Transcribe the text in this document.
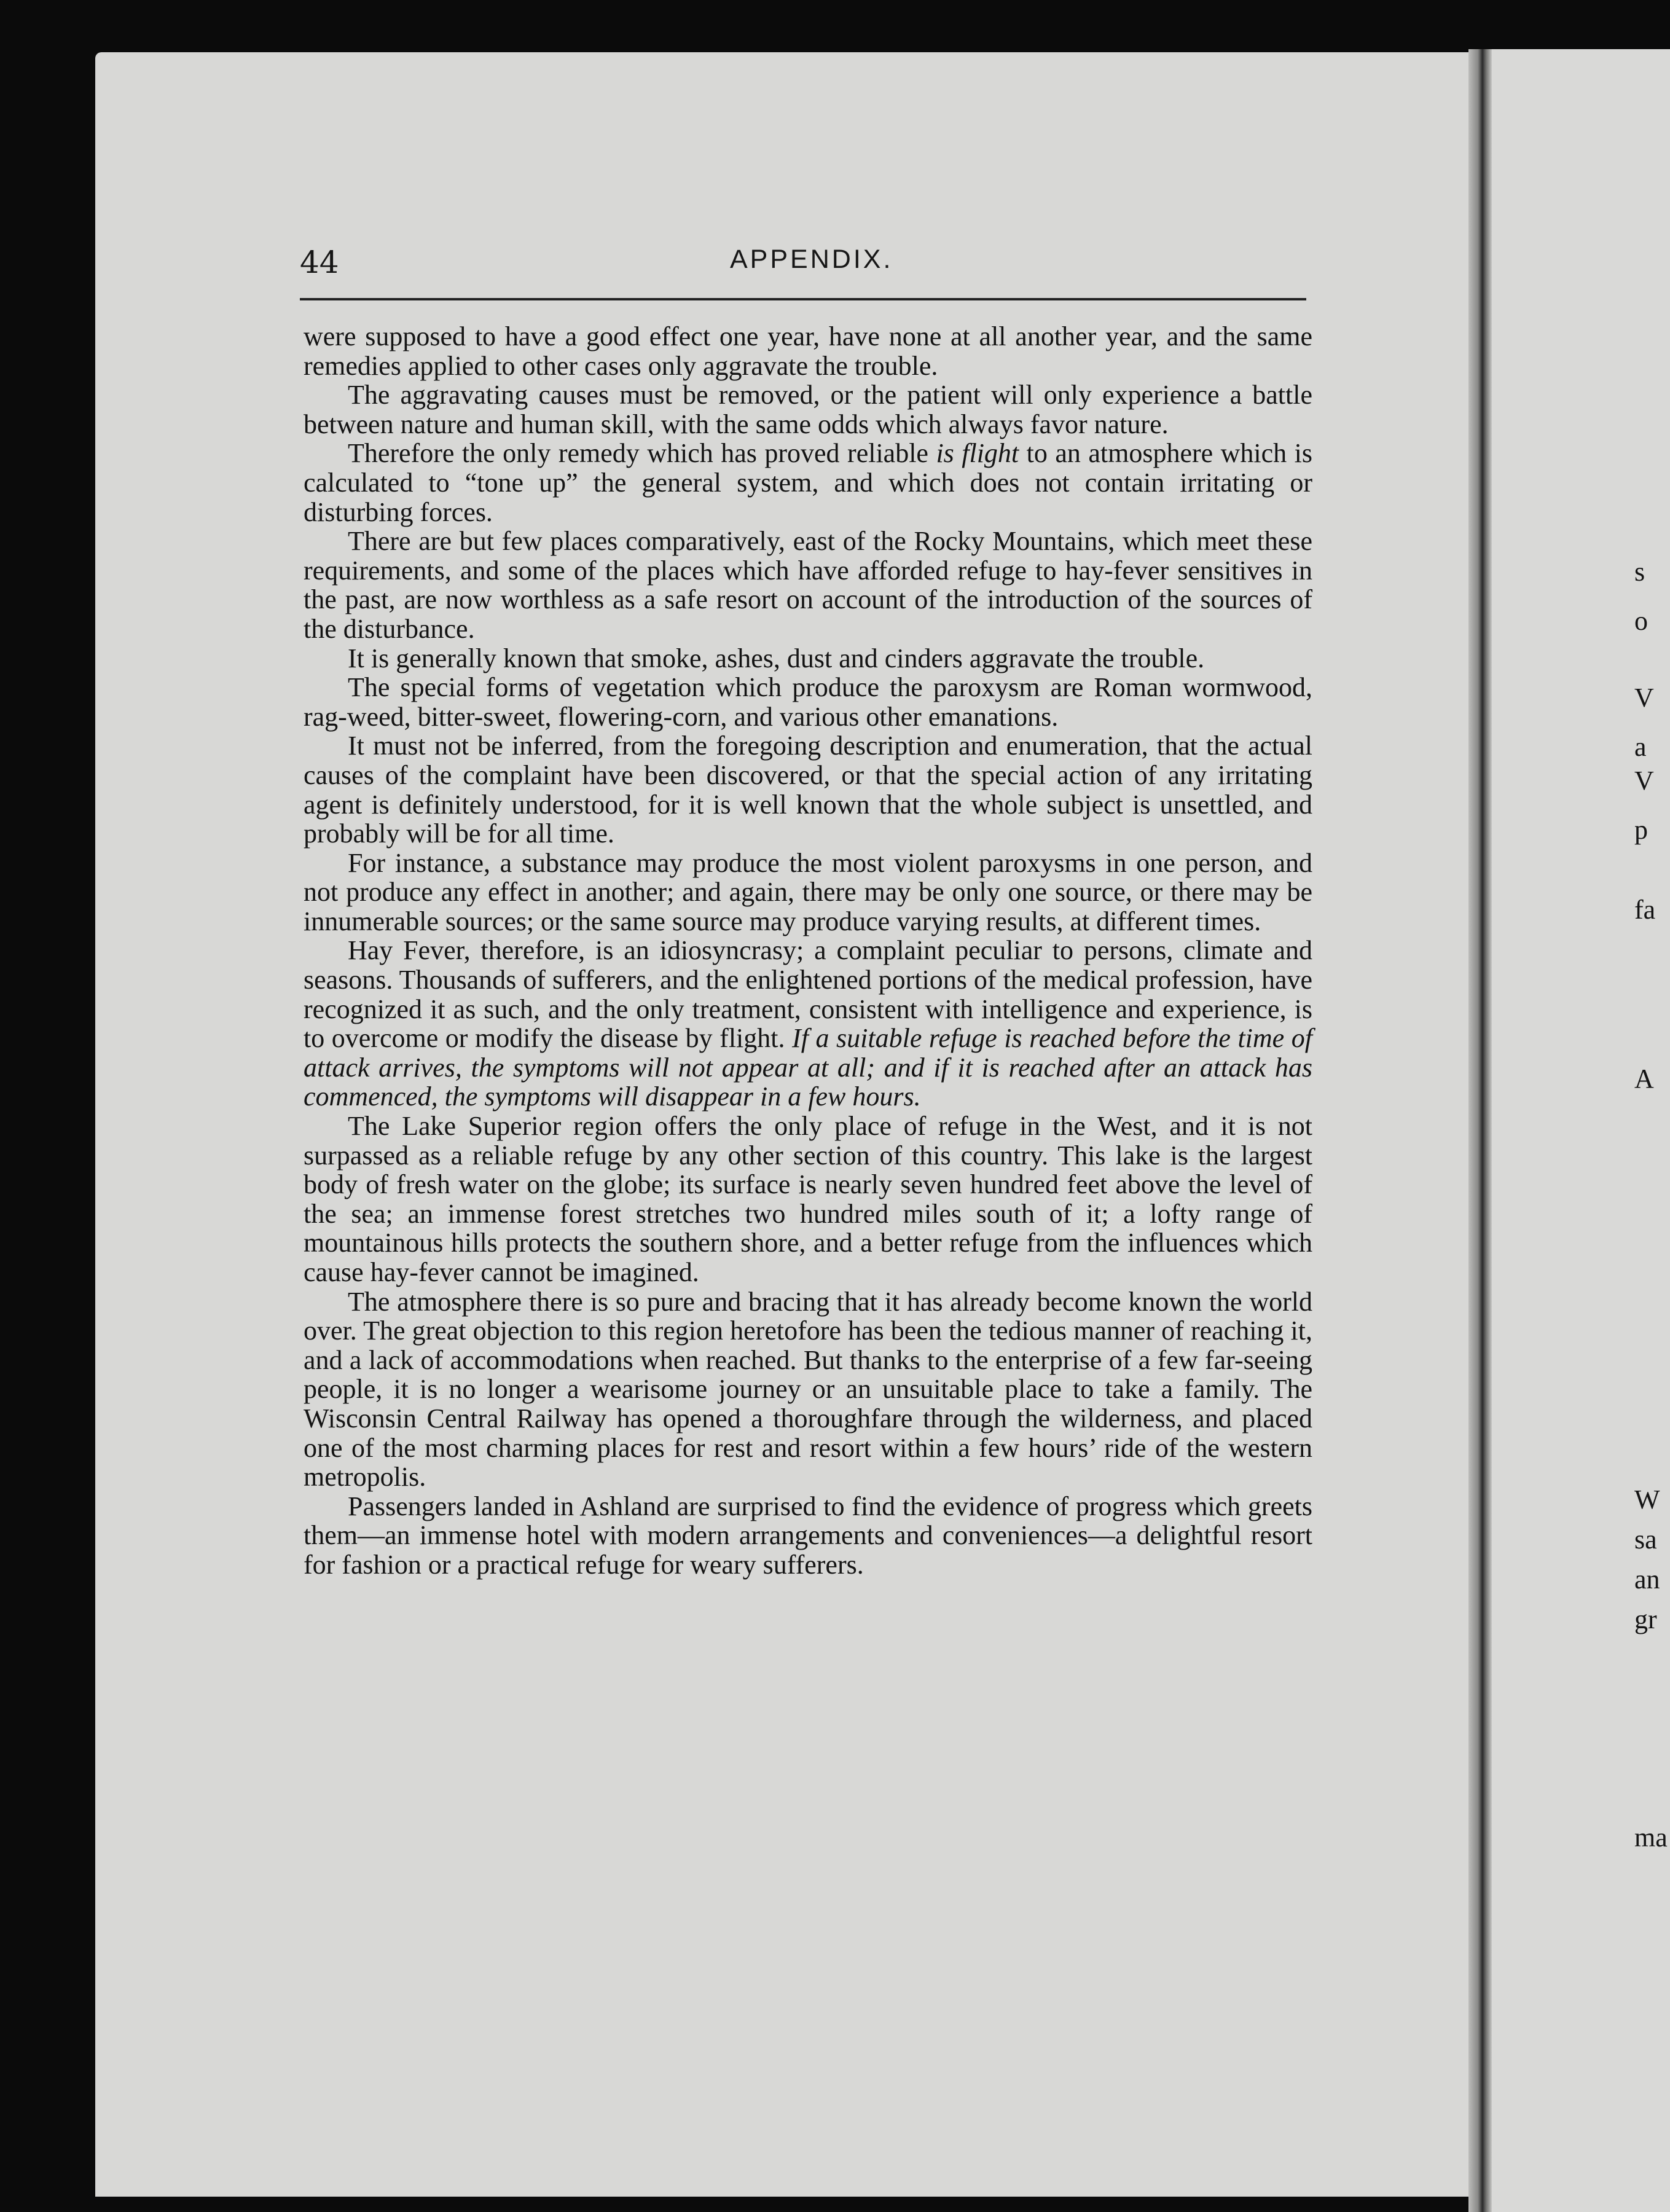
44	APPENDIX.

were supposed to have a good effect one year, have none at all another year, and the same remedies applied to other cases only aggravate the trouble.

The aggravating causes must be removed, or the patient will only experience a battle between nature and human skill, with the same odds which always favor nature.

Therefore the only remedy which has proved reliable is flight to an atmosphere which is calculated to “tone up” the general system, and which does not contain irritating or disturbing forces.

There are but few places comparatively, east of the Rocky Mountains, which meet these requirements, and some of the places which have afforded refuge to hay-fever sensitives in the past, are now worthless as a safe resort on account of the introduction of the sources of the disturbance.

It is generally known that smoke, ashes, dust and cinders aggravate the trouble.

The special forms of vegetation which produce the paroxysm are Roman wormwood, rag-weed, bitter-sweet, flowering-corn, and various other emanations.

It must not be inferred, from the foregoing description and enumeration, that the actual causes of the complaint have been discovered, or that the special action of any irritating agent is definitely understood, for it is well known that the whole subject is unsettled, and probably will be for all time.

For instance, a substance may produce the most violent paroxysms in one person, and not produce any effect in another; and again, there may be only one source, or there may be innumerable sources; or the same source may produce varying results, at different times.

Hay Fever, therefore, is an idiosyncrasy; a complaint peculiar to persons, climate and seasons. Thousands of sufferers, and the enlightened portions of the medical profession, have recognized it as such, and the only treatment, consistent with intelligence and experience, is to overcome or modify the disease by flight. If a suitable refuge is reached before the time of attack arrives, the symptoms will not appear at all; and if it is reached after an attack has commenced, the symptoms will disappear in a few hours.

The Lake Superior region offers the only place of refuge in the West, and it is not surpassed as a reliable refuge by any other section of this country. This lake is the largest body of fresh water on the globe; its surface is nearly seven hundred feet above the level of the sea; an immense forest stretches two hundred miles south of it; a lofty range of mountainous hills protects the southern shore, and a better refuge from the influences which cause hay-fever cannot be imagined.

The atmosphere there is so pure and bracing that it has already become known the world over. The great objection to this region heretofore has been the tedious manner of reaching it, and a lack of accommodations when reached. But thanks to the enterprise of a few far-seeing people, it is no longer a wearisome journey or an unsuitable place to take a family. The Wisconsin Central Railway has opened a thoroughfare through the wilderness, and placed one of the most charming places for rest and resort within a few hours’ ride of the western metropolis.

Passengers landed in Ashland are surprised to find the evidence of progress which greets them—an immense hotel with modern arrangements and conveniences—a delightful resort for fashion or a practical refuge for weary sufferers.

s
o
V
a
V
p
fa
A
W
sa
an
gr
ma
